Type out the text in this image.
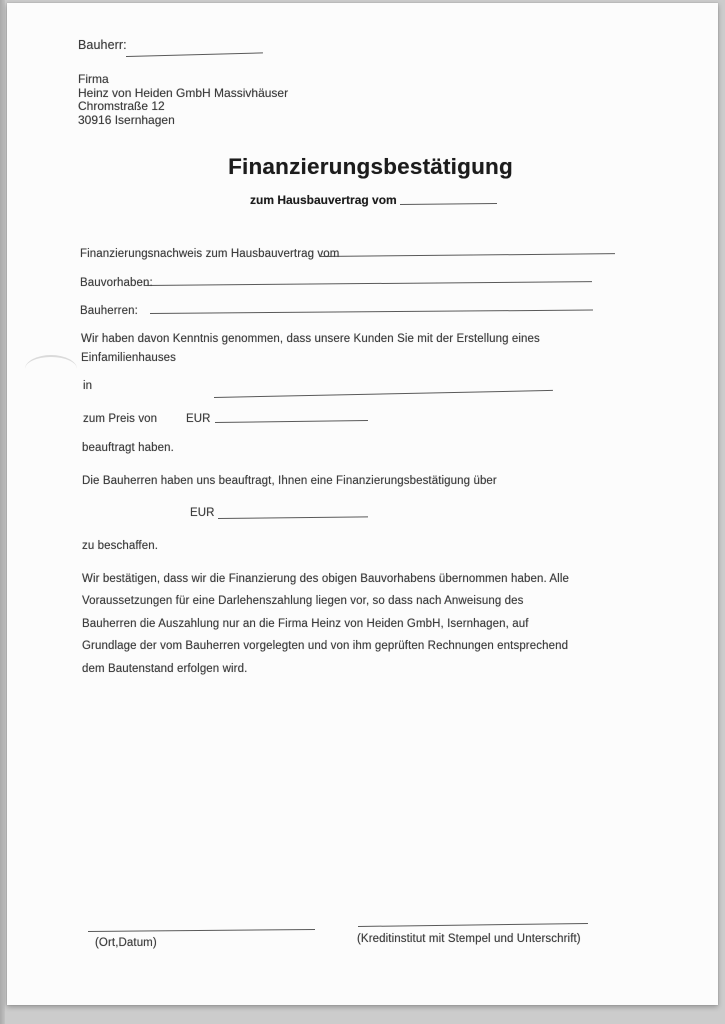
Bauherr:
Firma
Heinz von Heiden GmbH Massivhäuser
Chromstraße 12
30916 Isernhagen
Finanzierungsbestätigung
zum Hausbauvertrag vom
Finanzierungsnachweis zum Hausbauvertrag vom
Bauvorhaben:
Bauherren:
Wir haben davon Kenntnis genommen, dass unsere Kunden Sie mit der Erstellung eines
Einfamilienhauses
in
zum Preis von	EUR
beauftragt haben.
Die Bauherren haben uns beauftragt, Ihnen eine Finanzierungsbestätigung über
EUR
zu beschaffen.
Wir bestätigen, dass wir die Finanzierung des obigen Bauvorhabens übernommen haben. Alle
Voraussetzungen für eine Darlehenszahlung liegen vor, so dass nach Anweisung des
Bauherren die Auszahlung nur an die Firma Heinz von Heiden GmbH, Isernhagen, auf
Grundlage der vom Bauherren vorgelegten und von ihm geprüften Rechnungen entsprechend
dem Bautenstand erfolgen wird.
(Ort,Datum)	(Kreditinstitut mit Stempel und Unterschrift)
